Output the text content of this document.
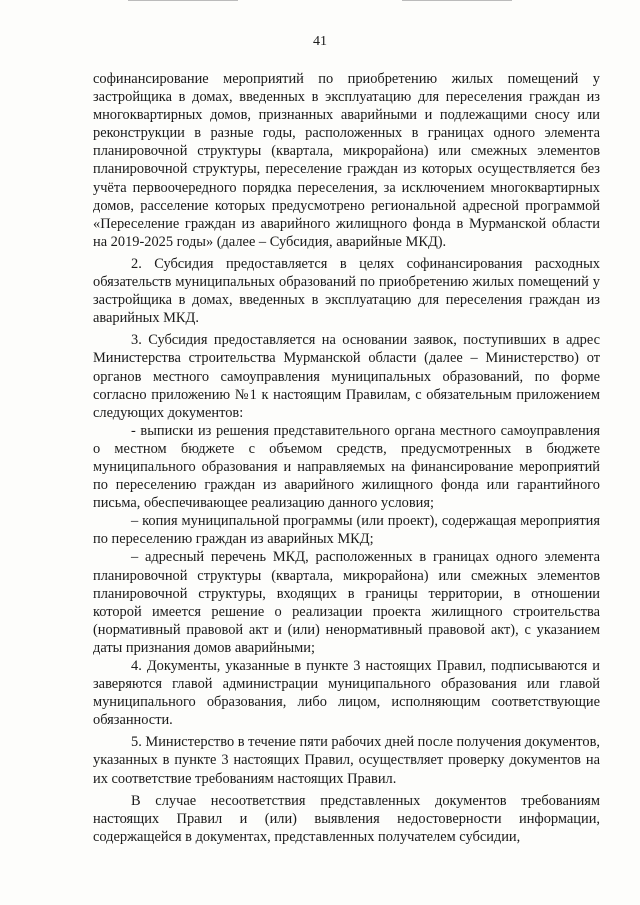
41

софинансирование мероприятий по приобретению жилых помещений у застройщика в домах, введенных в эксплуатацию для переселения граждан из многоквартирных домов, признанных аварийными и подлежащими сносу или реконструкции в разные годы, расположенных в границах одного элемента планировочной структуры (квартала, микрорайона) или смежных элементов планировочной структуры, переселение граждан из которых осуществляется без учёта первоочередного порядка переселения, за исключением многоквартирных домов, расселение которых предусмотрено региональной адресной программой «Переселение граждан из аварийного жилищного фонда в Мурманской области на 2019-2025 годы» (далее – Субсидия, аварийные МКД).

2. Субсидия предоставляется в целях софинансирования расходных обязательств муниципальных образований по приобретению жилых помещений у застройщика в домах, введенных в эксплуатацию для переселения граждан из аварийных МКД.

3. Субсидия предоставляется на основании заявок, поступивших в адрес Министерства строительства Мурманской области (далее – Министерство) от органов местного самоуправления муниципальных образований, по форме согласно приложению №1 к настоящим Правилам, с обязательным приложением следующих документов:

- выписки из решения представительного органа местного самоуправления о местном бюджете с объемом средств, предусмотренных в бюджете муниципального образования и направляемых на финансирование мероприятий по переселению граждан из аварийного жилищного фонда или гарантийного письма, обеспечивающее реализацию данного условия;

– копия муниципальной программы (или проект), содержащая мероприятия по переселению граждан из аварийных МКД;

– адресный перечень МКД, расположенных в границах одного элемента планировочной структуры (квартала, микрорайона) или смежных элементов планировочной структуры, входящих в границы территории, в отношении которой имеется решение о реализации проекта жилищного строительства (нормативный правовой акт и (или) ненормативный правовой акт), с указанием даты признания домов аварийными;

4. Документы, указанные в пункте 3 настоящих Правил, подписываются и заверяются главой администрации муниципального образования или главой муниципального образования, либо лицом, исполняющим соответствующие обязанности.

5. Министерство в течение пяти рабочих дней после получения документов, указанных в пункте 3 настоящих Правил, осуществляет проверку документов на их соответствие требованиям настоящих Правил.

В случае несоответствия представленных документов требованиям настоящих Правил и (или) выявления недостоверности информации, содержащейся в документах, представленных получателем субсидии,
